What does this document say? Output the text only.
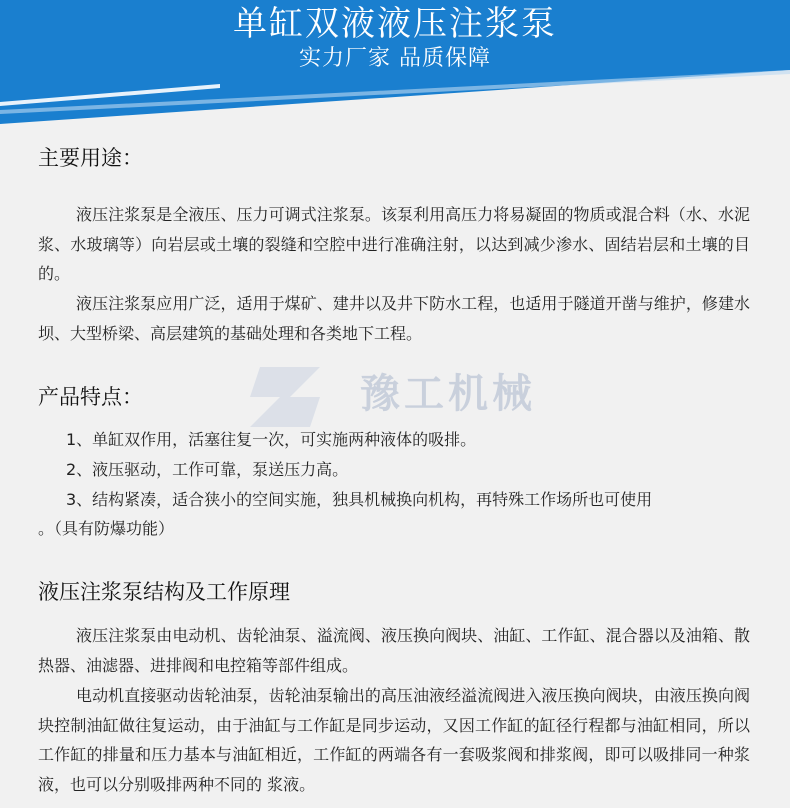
单缸双液液压注浆泵
实力厂家 品质保障
豫工机械
主要用途：

液压注浆泵是全液压、压力可调式注浆泵。该泵利用高压力将易凝固的物质或混合料（水、水泥浆、水玻璃等）向岩层或土壤的裂缝和空腔中进行准确注射，以达到减少渗水、固结岩层和土壤的目的。

液压注浆泵应用广泛，适用于煤矿、建井以及井下防水工程，也适用于隧道开凿与维护，修建水坝、大型桥梁、高层建筑的基础处理和各类地下工程。

产品特点：
1、单缸双作用，活塞往复一次，可实施两种液体的吸排。
2、液压驱动，工作可靠，泵送压力高。
3、结构紧凑，适合狭小的空间实施，独具机械换向机构，再特殊工作场所也可使用
。（具有防爆功能）
液压注浆泵结构及工作原理

液压注浆泵由电动机、齿轮油泵、溢流阀、液压换向阀块、油缸、工作缸、混合器以及油箱、散热器、油滤器、进排阀和电控箱等部件组成。

电动机直接驱动齿轮油泵，齿轮油泵输出的高压油液经溢流阀进入液压换向阀块，由液压换向阀块控制油缸做往复运动，由于油缸与工作缸是同步运动，又因工作缸的缸径行程都与油缸相同，所以工作缸的排量和压力基本与油缸相近，工作缸的两端各有一套吸浆阀和排浆阀，即可以吸排同一种浆液，也可以分别吸排两种不同的 浆液。
